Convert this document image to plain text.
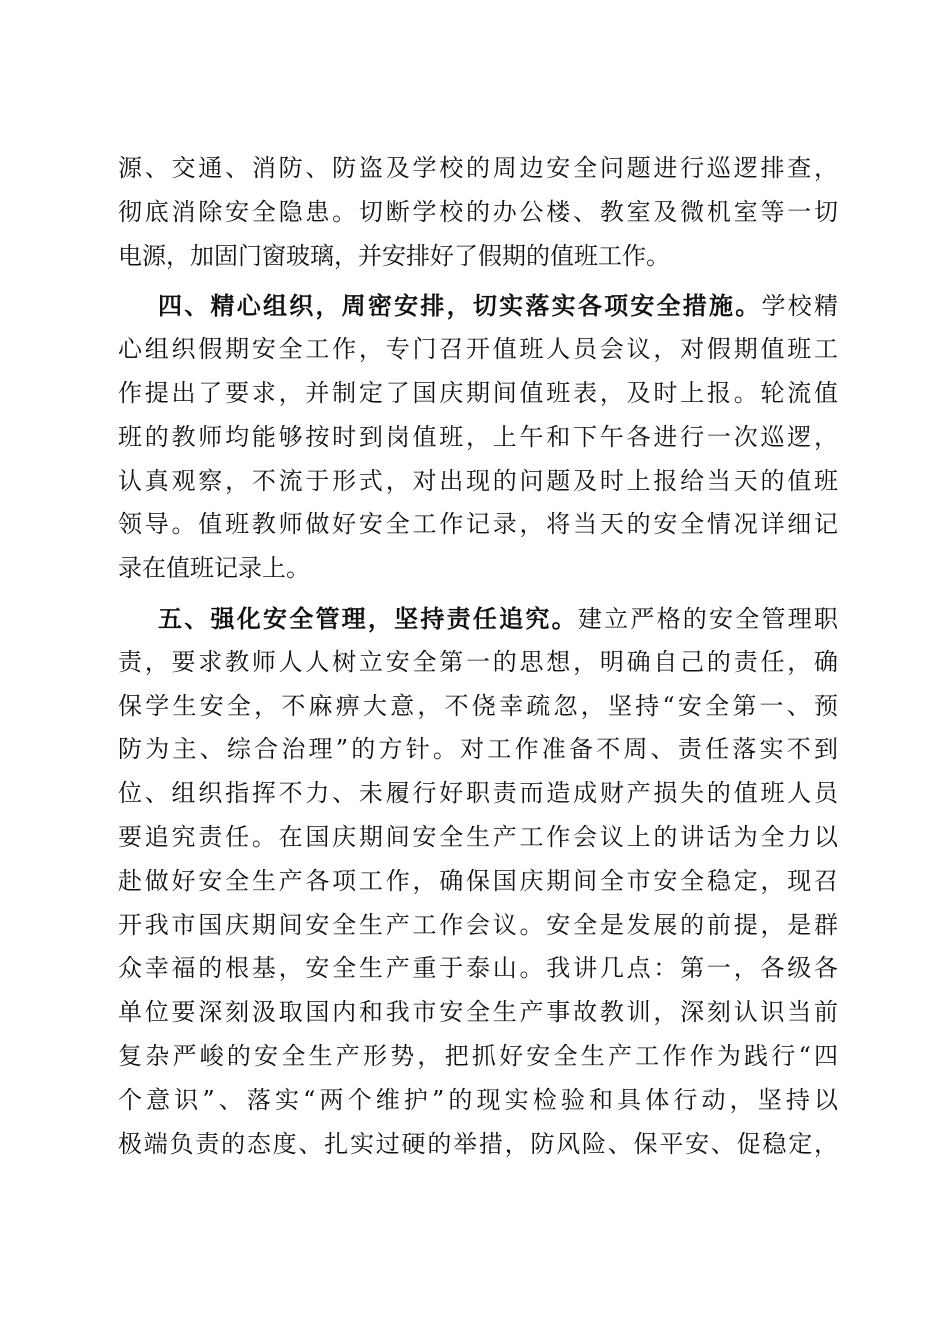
源、交通、消防、防盗及学校的周边安全问题进行巡逻排查，
彻底消除安全隐患。切断学校的办公楼、教室及微机室等一切
电源，加固门窗玻璃，并安排好了假期的值班工作。
四、精心组织，周密安排，切实落实各项安全措施。学校精
心组织假期安全工作，专门召开值班人员会议，对假期值班工
作提出了要求，并制定了国庆期间值班表，及时上报。轮流值
班的教师均能够按时到岗值班，上午和下午各进行一次巡逻，
认真观察，不流于形式，对出现的问题及时上报给当天的值班
领导。值班教师做好安全工作记录，将当天的安全情况详细记
录在值班记录上。
五、强化安全管理，坚持责任追究。建立严格的安全管理职
责，要求教师人人树立安全第一的思想，明确自己的责任，确
保学生安全，不麻痹大意，不侥幸疏忽，坚持“安全第一、预
防为主、综合治理”的方针。对工作准备不周、责任落实不到
位、组织指挥不力、未履行好职责而造成财产损失的值班人员
要追究责任。在国庆期间安全生产工作会议上的讲话为全力以
赴做好安全生产各项工作，确保国庆期间全市安全稳定，现召
开我市国庆期间安全生产工作会议。安全是发展的前提，是群
众幸福的根基，安全生产重于泰山。我讲几点：第一，各级各
单位要深刻汲取国内和我市安全生产事故教训，深刻认识当前
复杂严峻的安全生产形势，把抓好安全生产工作作为践行“四
个意识”、落实“两个维护”的现实检验和具体行动，坚持以
极端负责的态度、扎实过硬的举措，防风险、保平安、促稳定，
